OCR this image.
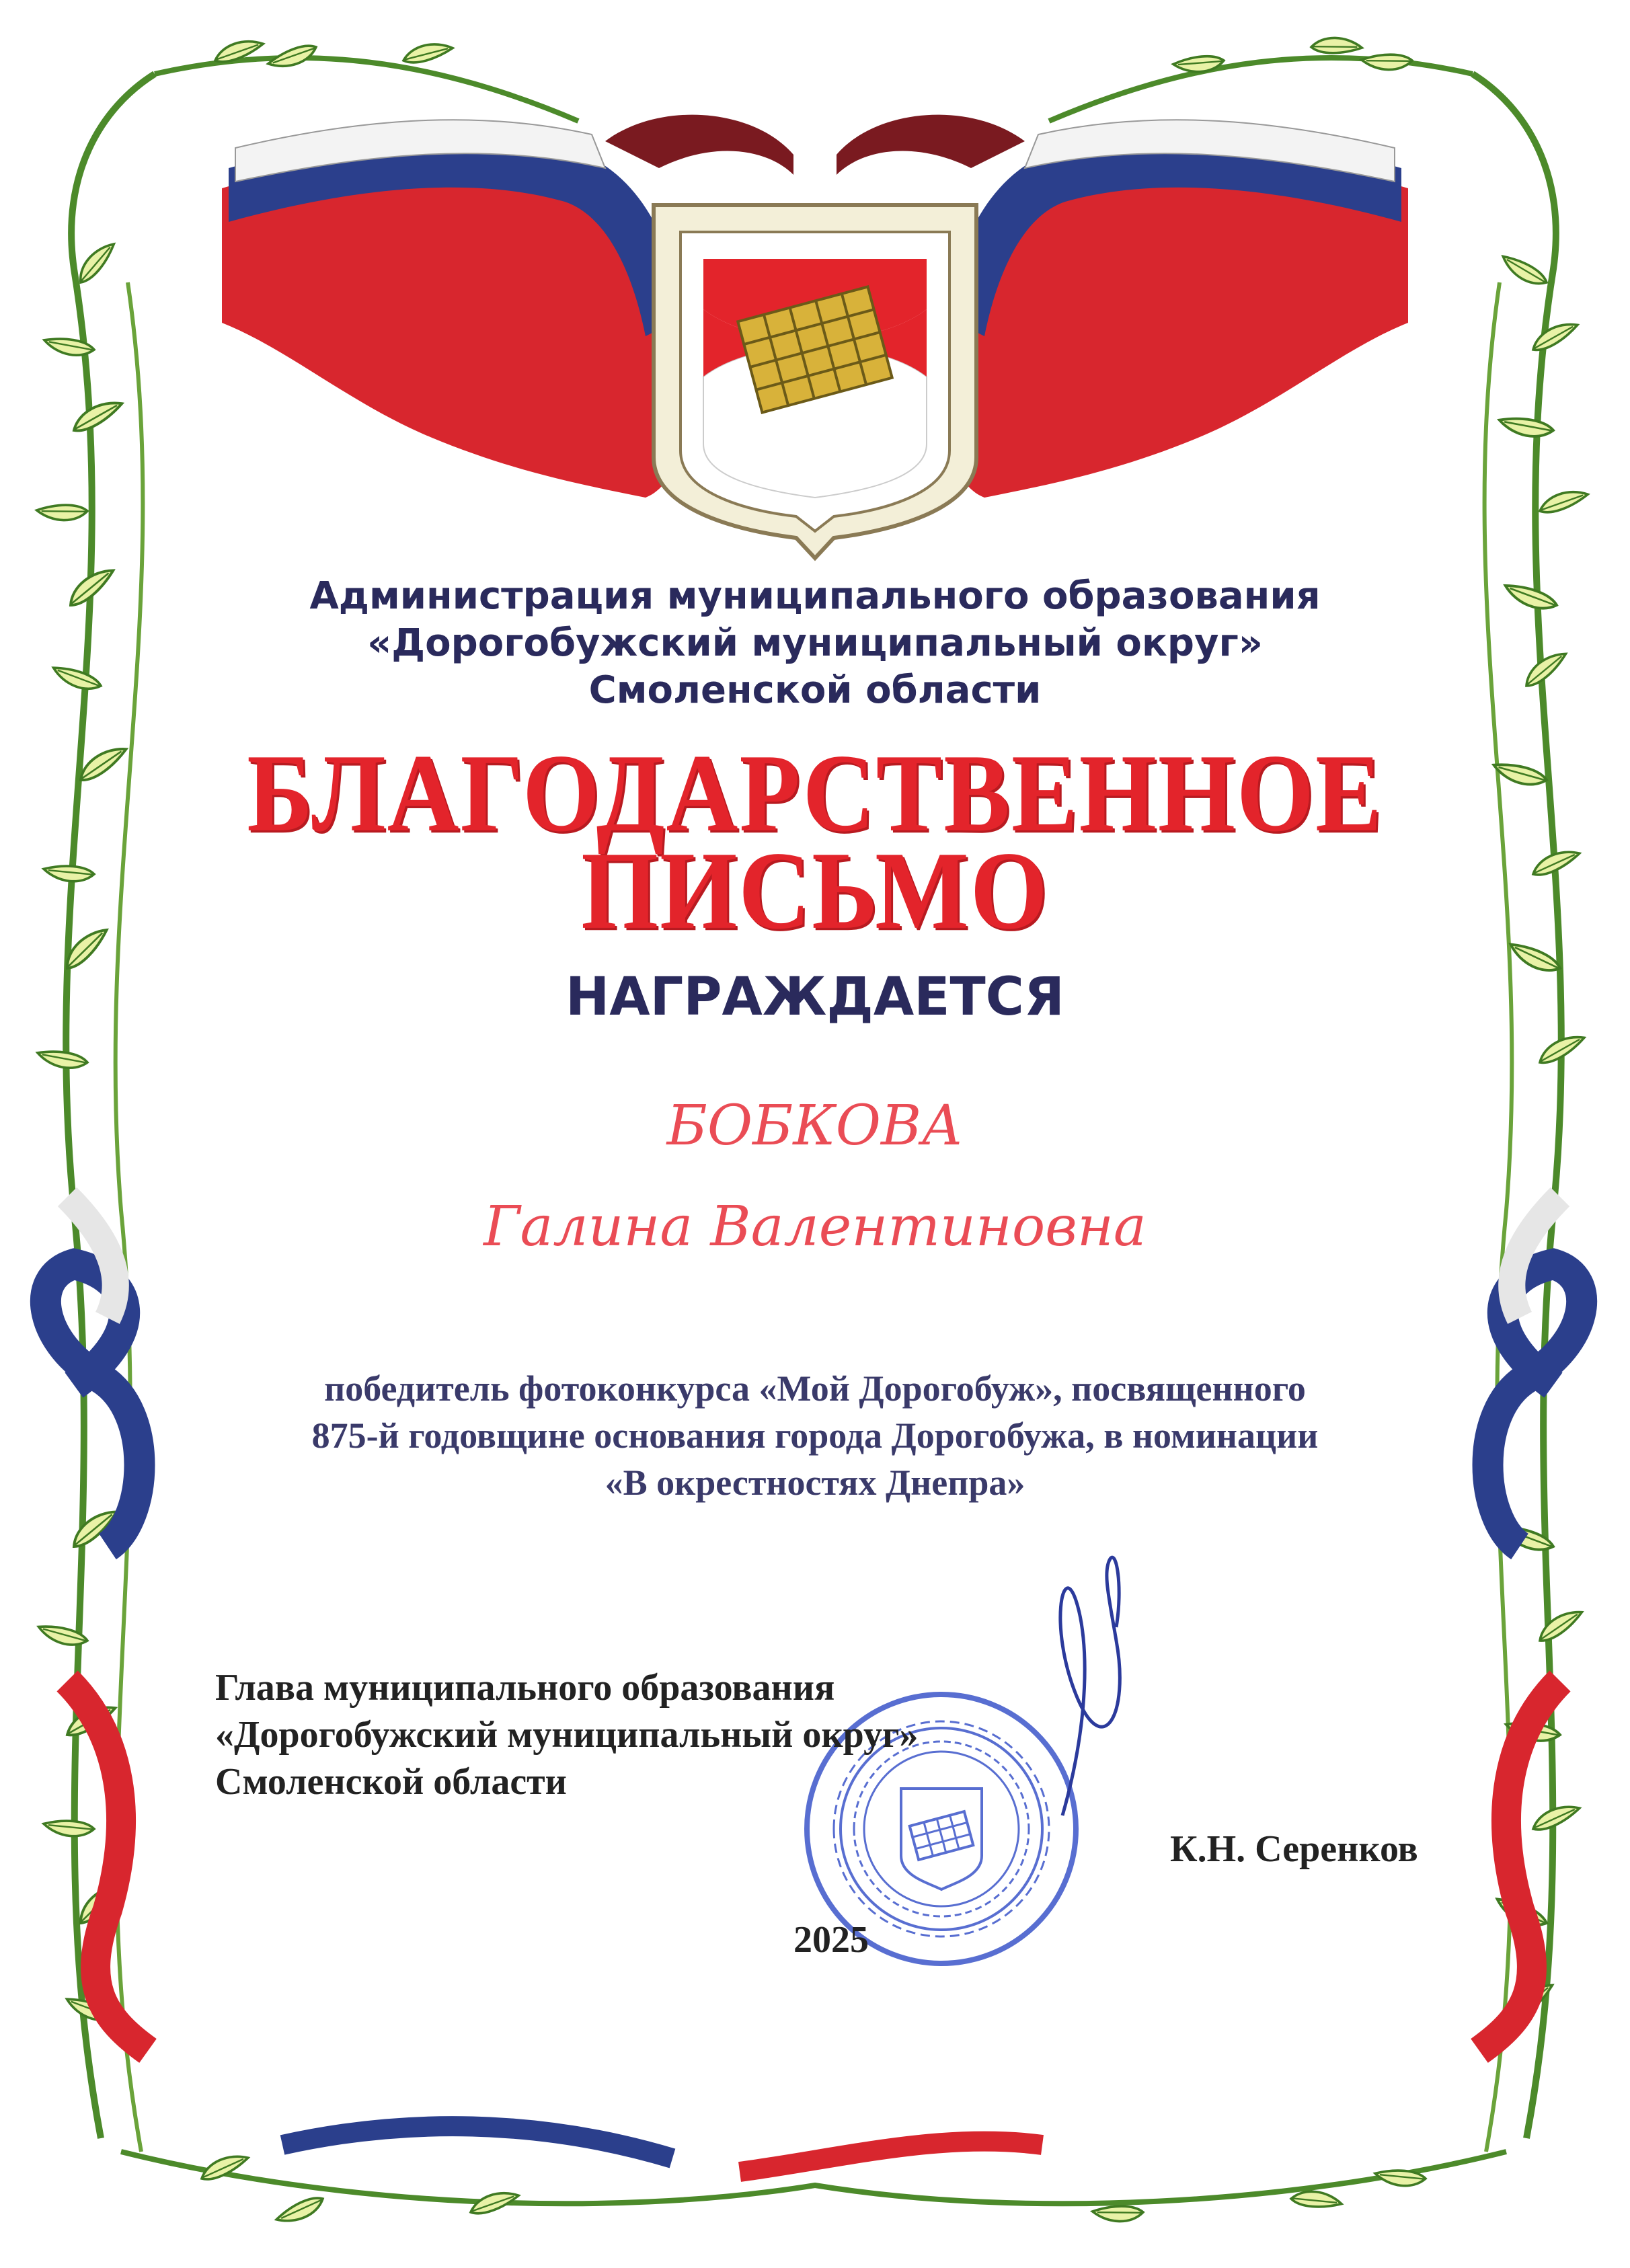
Администрация муниципального образования

«Дорогобужский муниципальный округ»

Смоленской области

БЛАГОДАРСТВЕННОЕ

ПИСЬМО

НАГРАЖДАЕТСЯ

БОБКОВА

Галина Валентиновна

победитель фотоконкурса «Мой Дорогобуж», посвященного

875-й годовщине основания города Дорогобужа, в номинации

«В окрестностях Днепра»

Глава муниципального образования

«Дорогобужский муниципальный округ»

Смоленской области

К.Н. Серенков

2025
